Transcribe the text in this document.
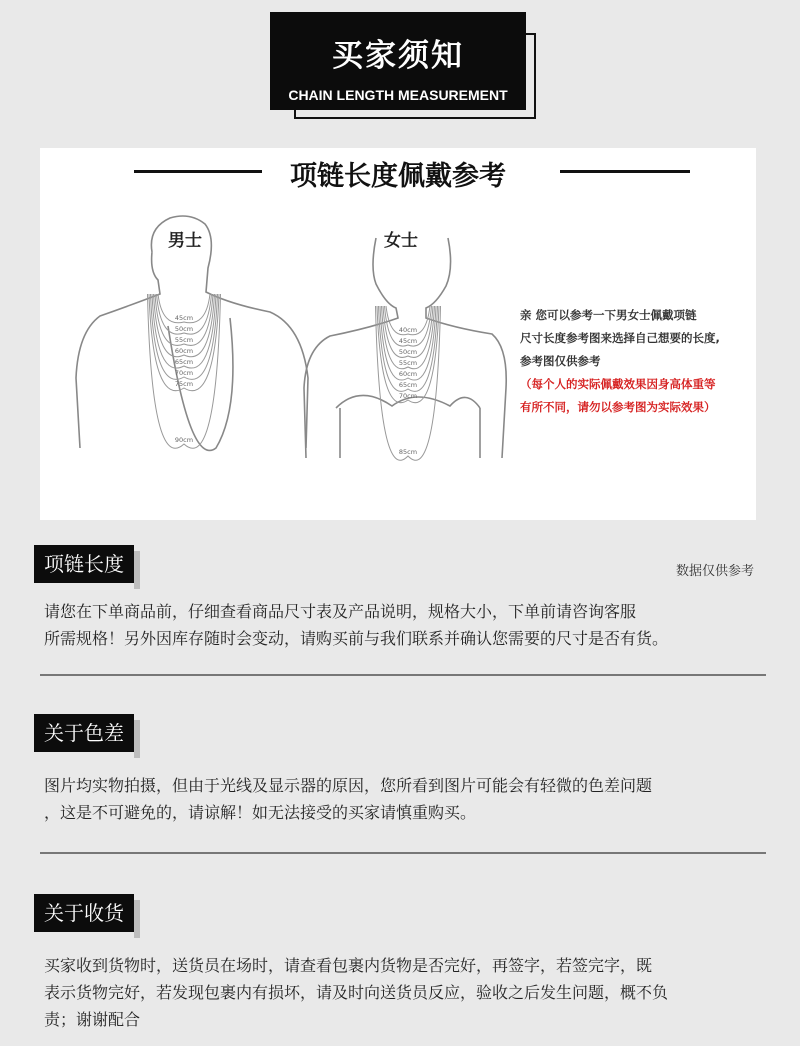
买家须知
CHAIN LENGTH MEASUREMENT
项链长度佩戴参考
男士	女士
45cm
50cm
55cm
60cm
65cm
70cm
75cm
90cm
40cm
45cm
50cm
55cm
60cm
65cm
70cm
85cm
亲 您可以参考一下男女士佩戴项链
尺寸长度参考图来选择自己想要的长度,
参考图仅供参考
（每个人的实际佩戴效果因身高体重等
有所不同，请勿以参考图为实际效果）
项链长度	数据仅供参考
请您在下单商品前，仔细查看商品尺寸表及产品说明，规格大小，下单前请咨询客服
所需规格！另外因库存随时会变动，请购买前与我们联系并确认您需要的尺寸是否有货。
关于色差
图片均实物拍摄，但由于光线及显示器的原因，您所看到图片可能会有轻微的色差问题
，这是不可避免的，请谅解！如无法接受的买家请慎重购买。
关于收货
买家收到货物时，送货员在场时，请查看包裹内货物是否完好，再签字，若签完字，既
表示货物完好，若发现包裹内有损坏，请及时向送货员反应，验收之后发生问题，概不负
责；谢谢配合
